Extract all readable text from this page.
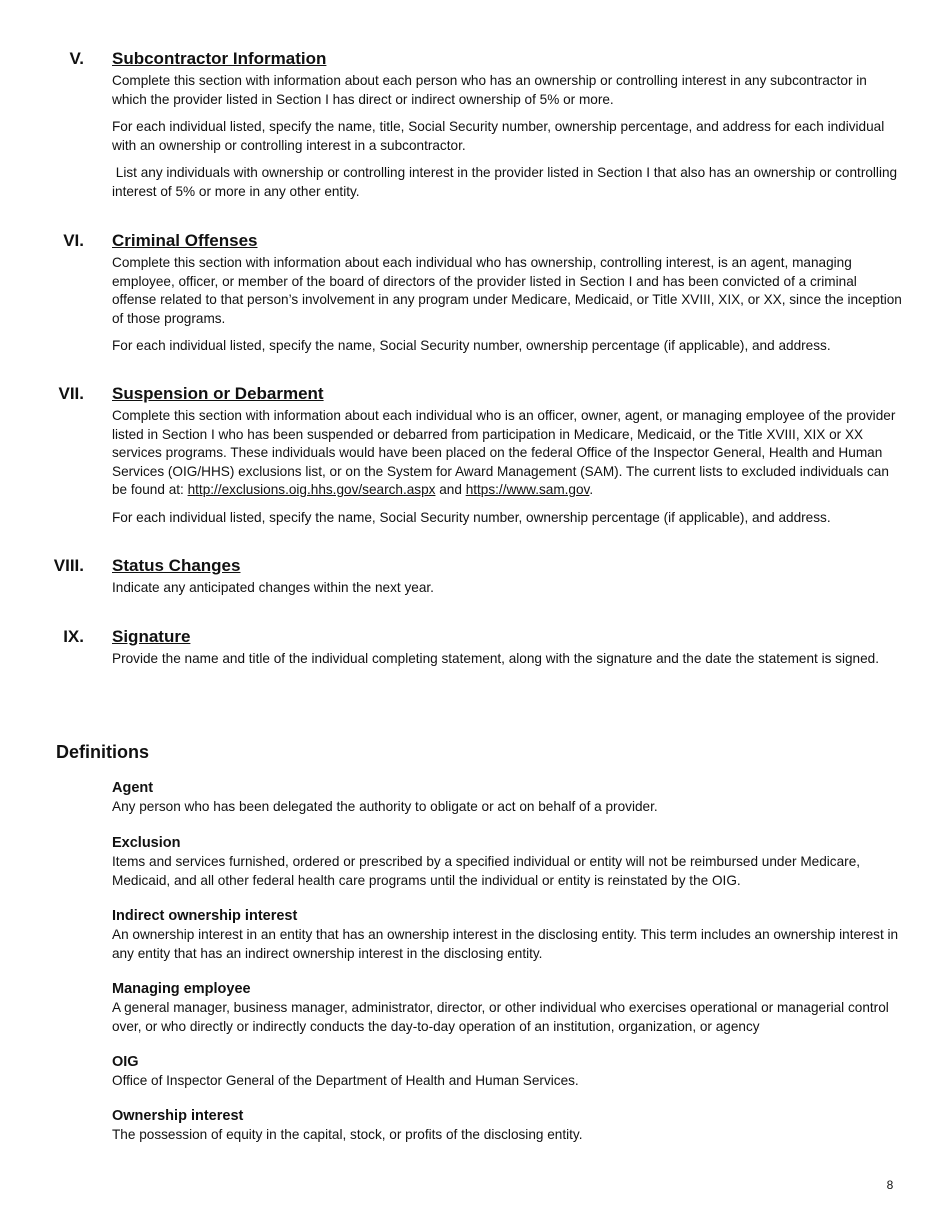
V. Subcontractor Information

Complete this section with information about each person who has an ownership or controlling interest in any subcontractor in which the provider listed in Section I has direct or indirect ownership of 5% or more.

For each individual listed, specify the name, title, Social Security number, ownership percentage, and address for each individual with an ownership or controlling interest in a subcontractor.

List any individuals with ownership or controlling interest in the provider listed in Section I that also has an ownership or controlling interest of 5% or more in any other entity.

VI. Criminal Offenses

Complete this section with information about each individual who has ownership, controlling interest, is an agent, managing employee, officer, or member of the board of directors of the provider listed in Section I and has been convicted of a criminal offense related to that person’s involvement in any program under Medicare, Medicaid, or Title XVIII, XIX, or XX, since the inception of those programs.

For each individual listed, specify the name, Social Security number, ownership percentage (if applicable), and address.

VII. Suspension or Debarment

Complete this section with information about each individual who is an officer, owner, agent, or managing employee of the provider listed in Section I who has been suspended or debarred from participation in Medicare, Medicaid, or the Title XVIII, XIX or XX services programs. These individuals would have been placed on the federal Office of the Inspector General, Health and Human Services (OIG/HHS) exclusions list, or on the System for Award Management (SAM). The current lists to excluded individuals can be found at: http://exclusions.oig.hhs.gov/search.aspx and https://www.sam.gov.

For each individual listed, specify the name, Social Security number, ownership percentage (if applicable), and address.

VIII. Status Changes

Indicate any anticipated changes within the next year.

IX. Signature

Provide the name and title of the individual completing statement, along with the signature and the date the statement is signed.

Definitions
Agent
Any person who has been delegated the authority to obligate or act on behalf of a provider.
Exclusion
Items and services furnished, ordered or prescribed by a specified individual or entity will not be reimbursed under Medicare, Medicaid, and all other federal health care programs until the individual or entity is reinstated by the OIG.
Indirect ownership interest
An ownership interest in an entity that has an ownership interest in the disclosing entity. This term includes an ownership interest in any entity that has an indirect ownership interest in the disclosing entity.
Managing employee
A general manager, business manager, administrator, director, or other individual who exercises operational or managerial control over, or who directly or indirectly conducts the day-to-day operation of an institution, organization, or agency
OIG
Office of Inspector General of the Department of Health and Human Services.
Ownership interest
The possession of equity in the capital, stock, or profits of the disclosing entity.
8
